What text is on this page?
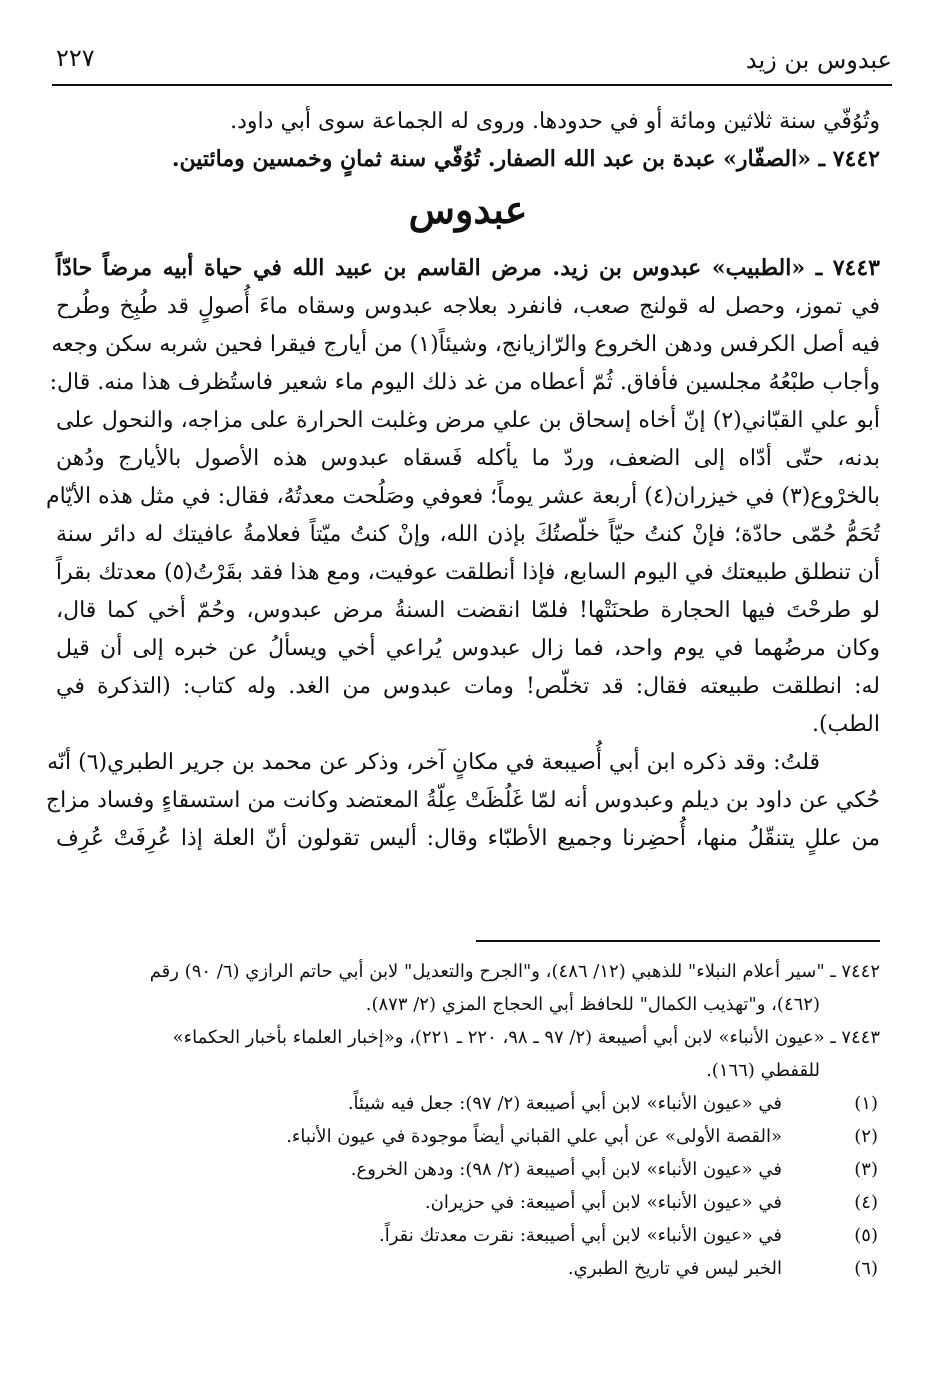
عبدوس بن زيد
٢٢٧
وتُوُفّي سنة ثلاثين ومائة أو في حدودها. وروى له الجماعة سوى أبي داود.
٧٤٤٢ ـ «الصفّار» عبدة بن عبد الله الصفار. تُوُفّي سنة ثمانٍ وخمسين ومائتين.
عبدوس
٧٤٤٣ ـ «الطبيب» عبدوس بن زيد. مرض القاسم بن عبيد الله في حياة أبيه مرضاً حادّاً
في تموز، وحصل له قولنج صعب، فانفرد بعلاجه عبدوس وسقاه ماءَ أُصولٍ قد طُبِخ وطُرح
فيه أصل الكرفس ودهن الخروع والرّازيانج، وشيئاً(١) من أيارج فيقرا فحين شربه سكن وجعه
وأجاب طبْعُهُ مجلسين فأفاق. ثُمّ أعطاه من غد ذلك اليوم ماء شعير فاستُظرف هذا منه. قال:
أبو علي القبّاني(٢) إنّ أخاه إسحاق بن علي مرض وغلبت الحرارة على مزاجه، والنحول على
بدنه، حتّى أدّاه إلى الضعف، وردّ ما يأكله فَسقاه عبدوس هذه الأصول بالأيارج ودُهن
بالخرْوع(٣) في خيزران(٤) أربعة عشر يوماً؛ فعوفي وصَلُحت معدتُهُ، فقال: في مثل هذه الأيّام
تُحَمُّ حُمّى حادّة؛ فإنْ كنتُ حيّاً خلّصتُكَ بإذن الله، وإنْ كنتُ ميّتاً فعلامةُ عافيتك له دائر سنة
أن تنطلق طبيعتك في اليوم السابع، فإذا أنطلقت عوفيت، ومع هذا فقد بقَرْتُ(٥) معدتك بقراً
لو طرحْتَ فيها الحجارة طحنَتْها! فلمّا انقضت السنةُ مرض عبدوس، وحُمّ أخي كما قال،
وكان مرضُهما في يوم واحد، فما زال عبدوس يُراعي أخي ويسألُ عن خبره إلى أن قيل
له: انطلقت طبيعته فقال: قد تخلّص! ومات عبدوس من الغد. وله كتاب: (التذكرة في
الطب).
قلتُ: وقد ذكره ابن أبي أُصيبعة في مكانٍ آخر، وذكر عن محمد بن جرير الطبري(٦) أنّه
حُكي عن داود بن ديلم وعبدوس أنه لمّا غَلُظَتْ عِلّةُ المعتضد وكانت من استسقاءٍ وفساد مزاج
من عللٍ يتنقّلُ منها، أُحضِرنا وجميع الأطبّاء وقال: أليس تقولون أنّ العلة إذا عُرِفَتْ عُرِف
٧٤٤٢ ـ "سير أعلام النبلاء" للذهبي (١٢/ ٤٨٦)، و"الجرح والتعديل" لابن أبي حاتم الرازي (٦/ ٩٠) رقم
(٤٦٢)، و"تهذيب الكمال" للحافظ أبي الحجاج المزي (٢/ ٨٧٣).
٧٤٤٣ ـ «عيون الأنباء» لابن أبي أصيبعة (٢/ ٩٧ ـ ٩٨، ٢٢٠ ـ ٢٢١)، و«إخبار العلماء بأخبار الحكماء»
للقفطي (١٦٦).
(١)
في «عيون الأنباء» لابن أبي أصيبعة (٢/ ٩٧): جعل فيه شيئاً.
(٢)
«القصة الأولى» عن أبي علي القباني أيضاً موجودة في عيون الأنباء.
(٣)
في «عيون الأنباء» لابن أبي أصيبعة (٢/ ٩٨): ودهن الخروع.
(٤)
في «عيون الأنباء» لابن أبي أصيبعة: في حزيران.
(٥)
في «عيون الأنباء» لابن أبي أصيبعة: نقرت معدتك نقراً.
(٦)
الخبر ليس في تاريخ الطبري.
